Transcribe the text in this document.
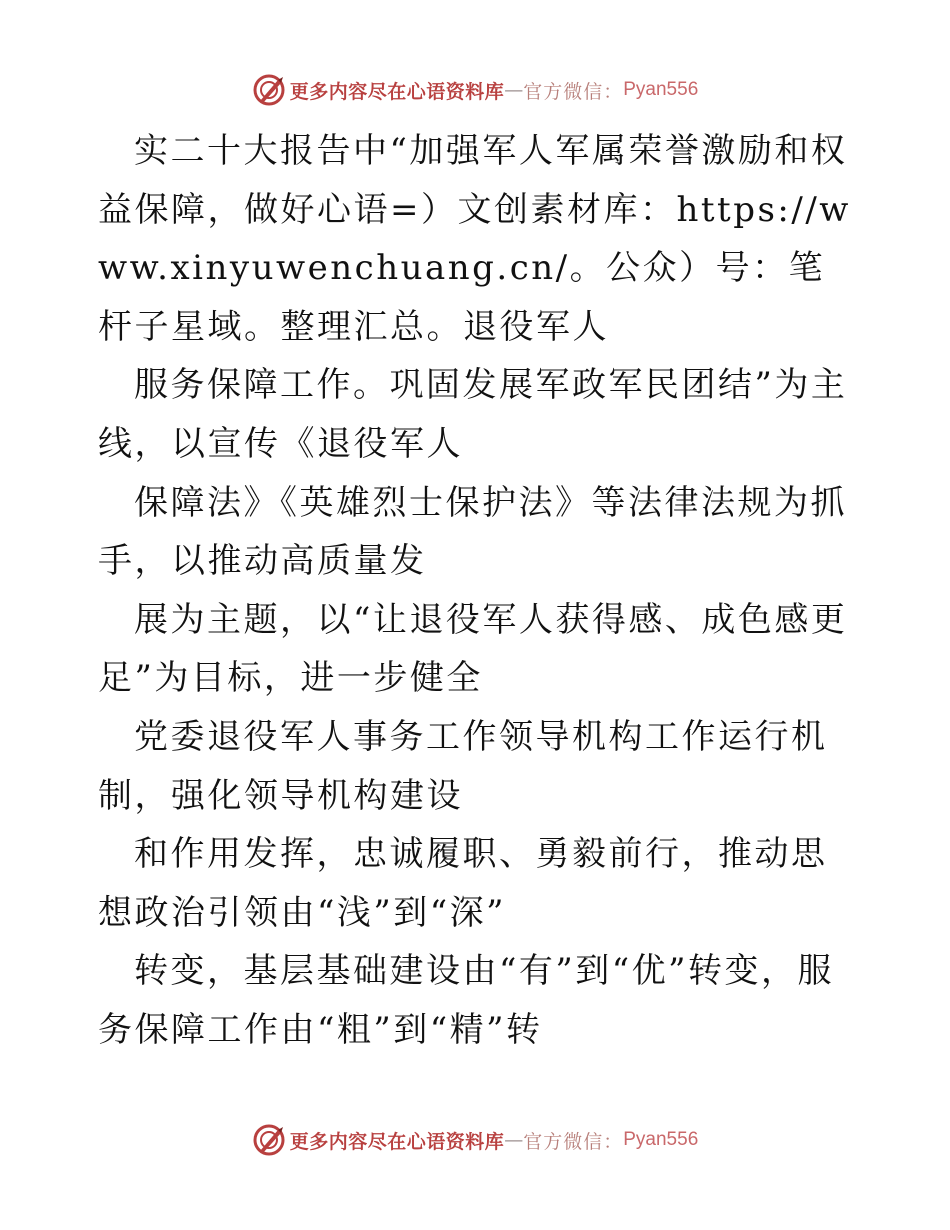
更多内容尽在心语资料库 — 官方微信： Pyan556

实二十大报告中“加强军人军属荣誉激励和权益保障，做好心语=）文创素材库：https://www.xinyuwenchuang.cn/。公众）号：笔杆子星域。整理汇总。退役军人

服务保障工作。巩固发展军政军民团结”为主线，以宣传《退役军人

保障法》《英雄烈士保护法》等法律法规为抓手，以推动高质量发

展为主题，以“让退役军人获得感、成色感更足”为目标，进一步健全

党委退役军人事务工作领导机构工作运行机制，强化领导机构建设

和作用发挥，忠诚履职、勇毅前行，推动思想政治引领由“浅”到“深”

转变，基层基础建设由“有”到“优”转变，服务保障工作由“粗”到“精”转

更多内容尽在心语资料库 — 官方微信： Pyan556
